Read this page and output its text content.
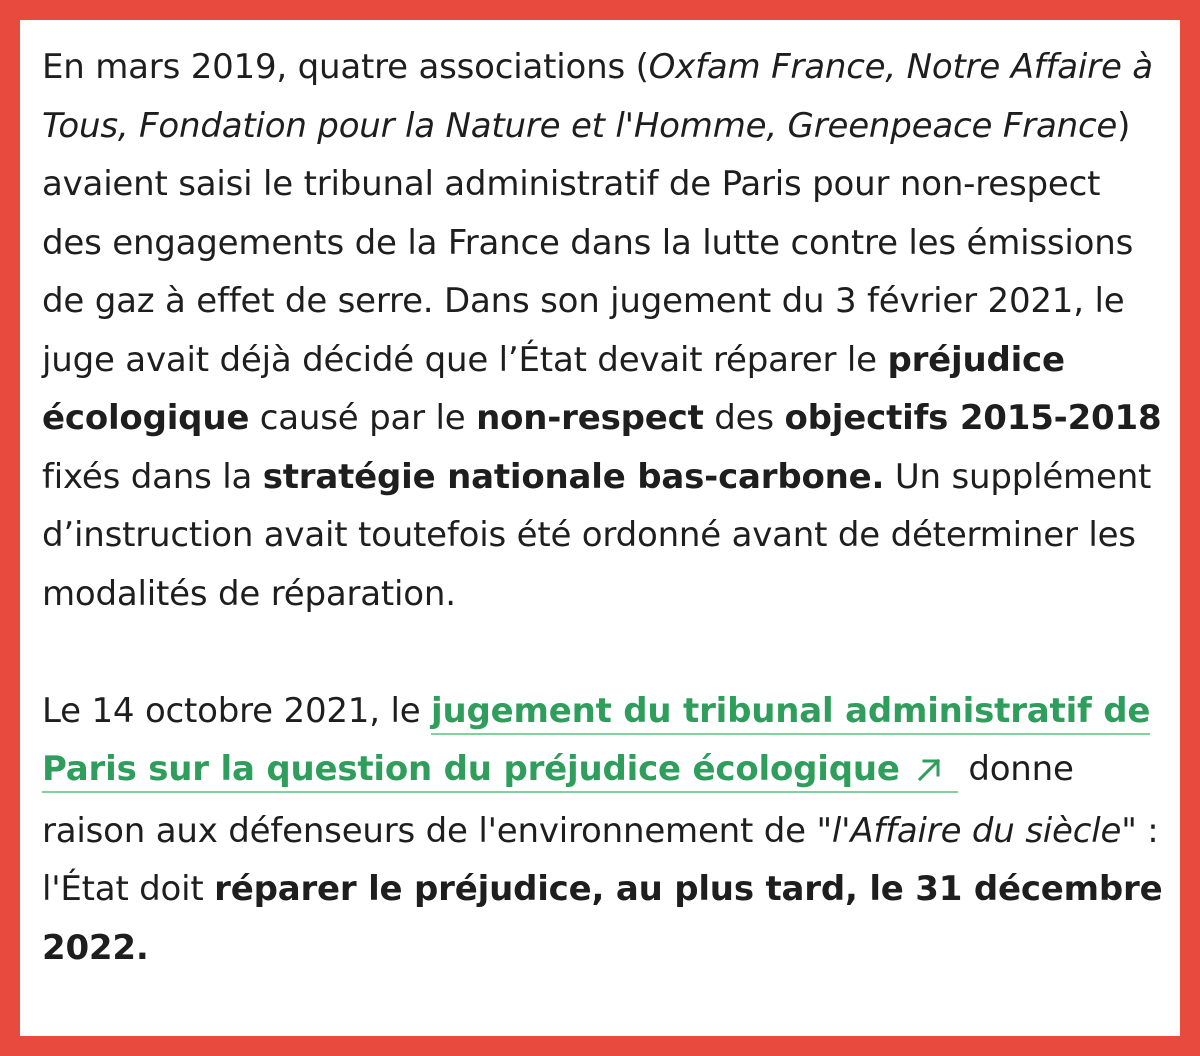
En mars 2019, quatre associations (Oxfam France, Notre Affaire à Tous, Fondation pour la Nature et l'Homme, Greenpeace France) avaient saisi le tribunal administratif de Paris pour non-respect des engagements de la France dans la lutte contre les émissions de gaz à effet de serre. Dans son jugement du 3 février 2021, le juge avait déjà décidé que l’État devait réparer le préjudice écologique causé par le non-respect des objectifs 2015-2018 fixés dans la stratégie nationale bas-carbone. Un supplément d’instruction avait toutefois été ordonné avant de déterminer les modalités de réparation.

Le 14 octobre 2021, le jugement du tribunal administratif de Paris sur la question du préjudice écologique donne raison aux défenseurs de l'environnement de "l'Affaire du siècle" : l'État doit réparer le préjudice, au plus tard, le 31 décembre 2022.
